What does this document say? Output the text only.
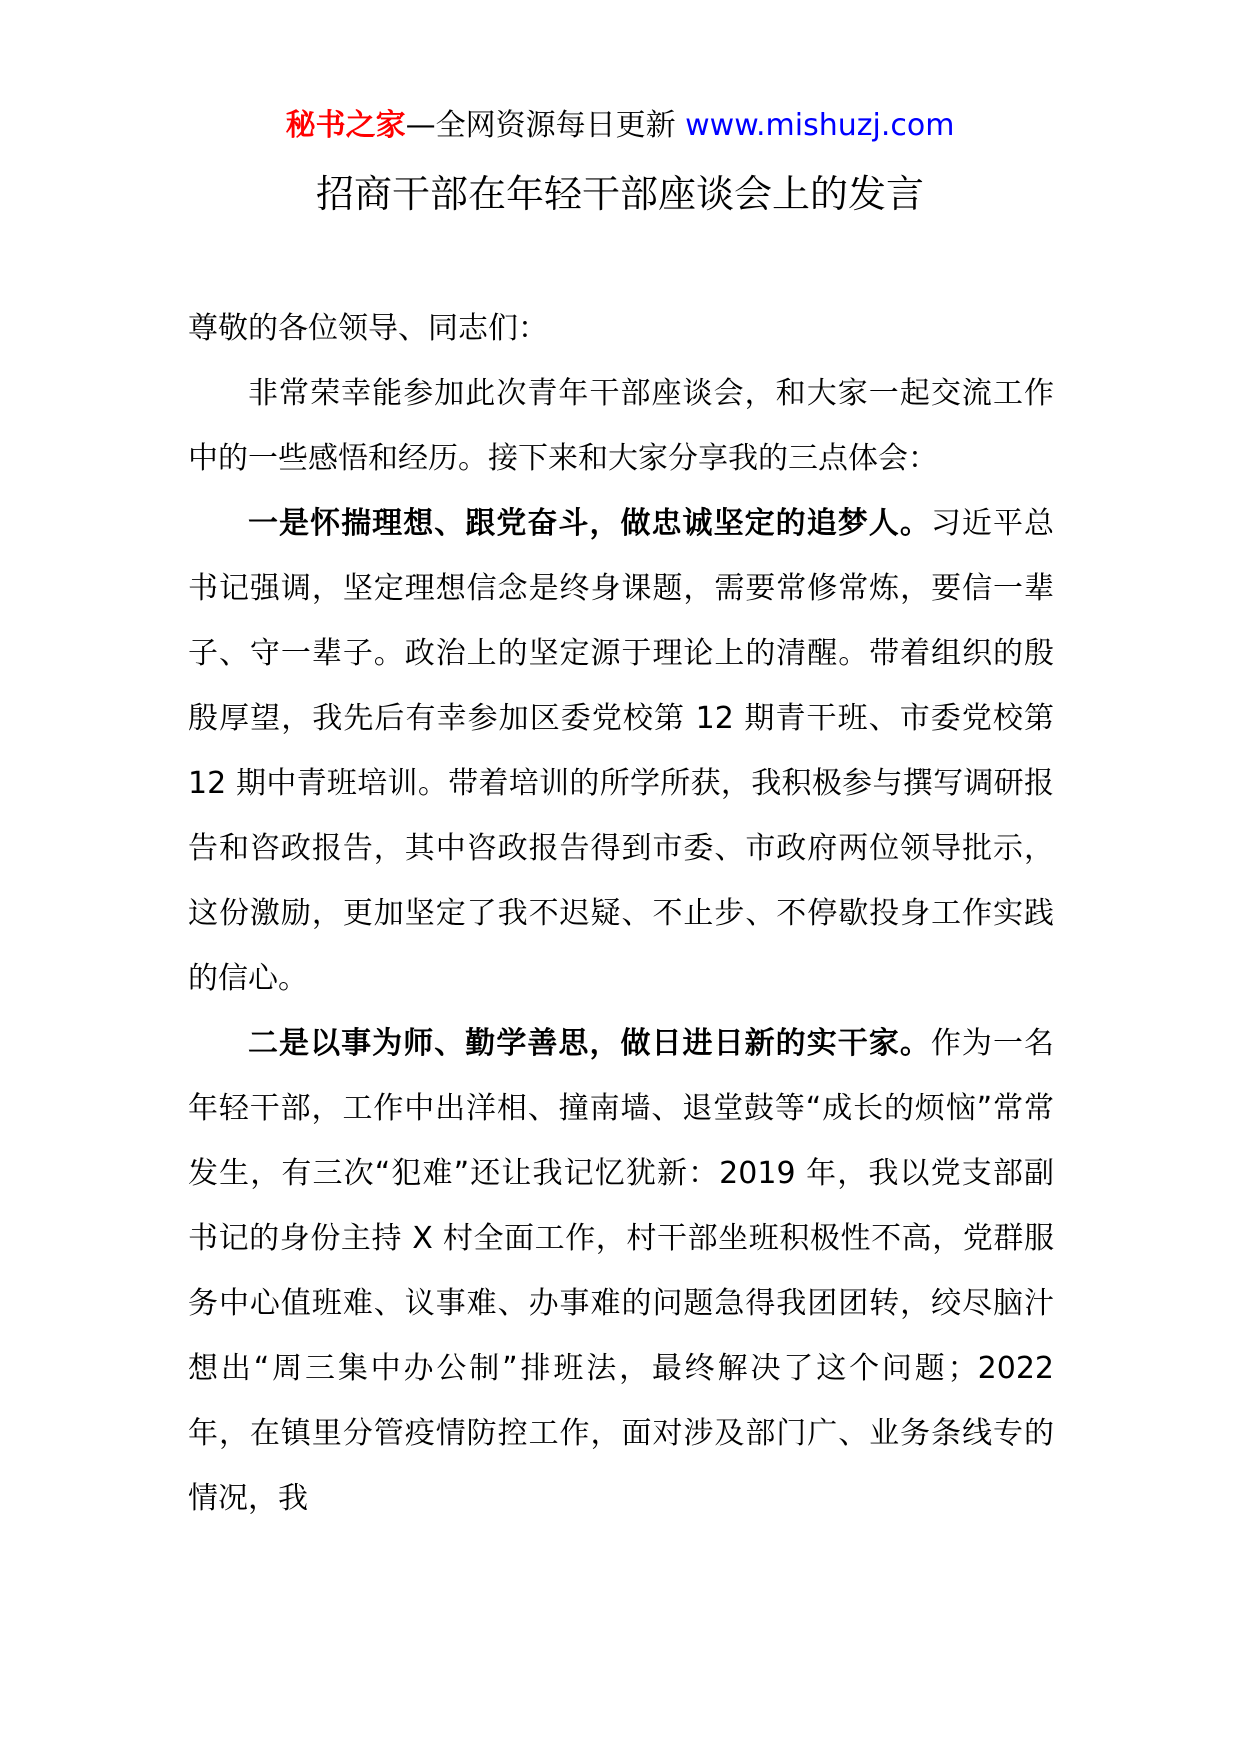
秘书之家—全网资源每日更新 www.mishuzj.com
招商干部在年轻干部座谈会上的发言

尊敬的各位领导、同志们：

非常荣幸能参加此次青年干部座谈会，和大家一起交流工作中的一些感悟和经历。接下来和大家分享我的三点体会：

一是怀揣理想、跟党奋斗，做忠诚坚定的追梦人。习近平总书记强调，坚定理想信念是终身课题，需要常修常炼，要信一辈子、守一辈子。政治上的坚定源于理论上的清醒。带着组织的殷殷厚望，我先后有幸参加区委党校第 12 期青干班、市委党校第 12 期中青班培训。带着培训的所学所获，我积极参与撰写调研报告和咨政报告，其中咨政报告得到市委、市政府两位领导批示，这份激励，更加坚定了我不迟疑、不止步、不停歇投身工作实践的信心。

二是以事为师、勤学善思，做日进日新的实干家。作为一名年轻干部，工作中出洋相、撞南墙、退堂鼓等“成长的烦恼”常常发生，有三次“犯难”还让我记忆犹新：2019 年，我以党支部副书记的身份主持 X 村全面工作，村干部坐班积极性不高，党群服务中心值班难、议事难、办事难的问题急得我团团转，绞尽脑汁想出“周三集中办公制”排班法，最终解决了这个问题；2022 年，在镇里分管疫情防控工作，面对涉及部门广、业务条线专的情况，我
